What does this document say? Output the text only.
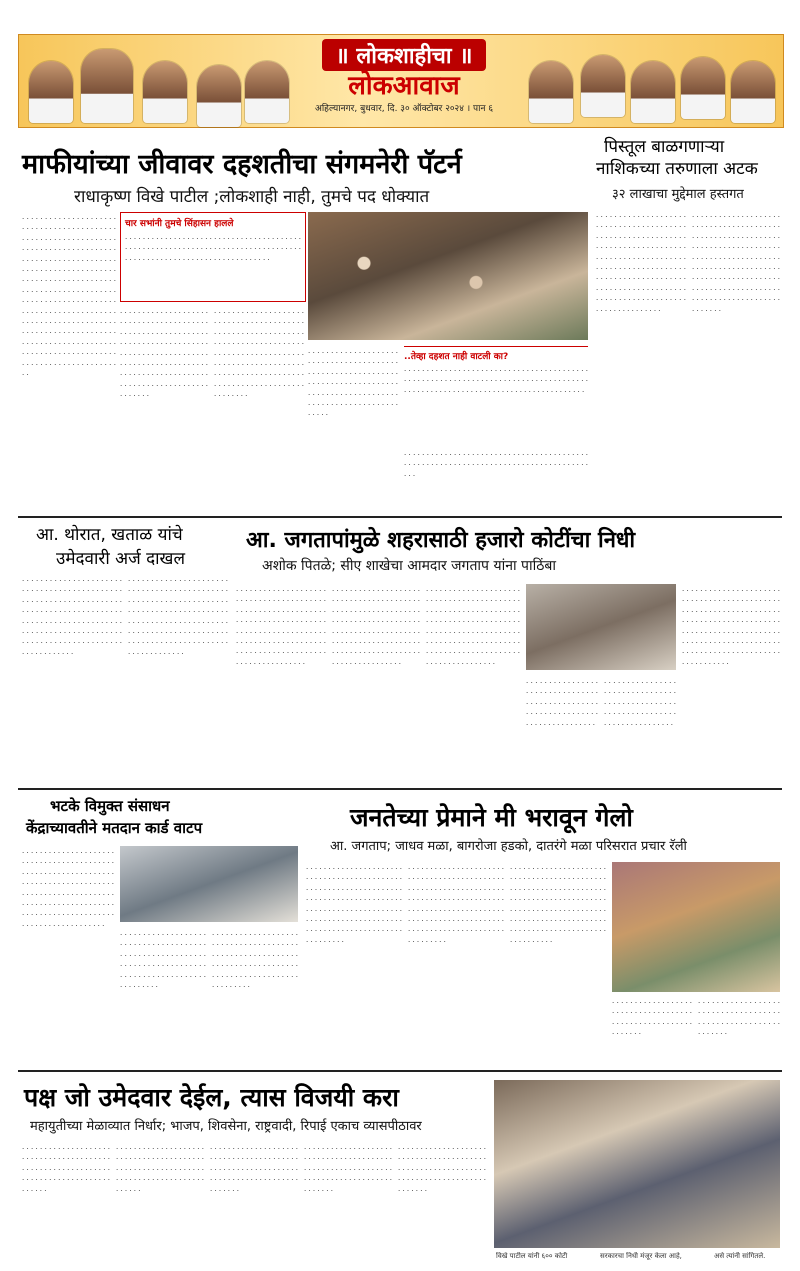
॥ लोकशाहीचा ॥
लोकआवाज
अहिल्यानगर, बुधवार, दि. ३० ऑक्टोबर २०२४ । पान ६
माफीयांच्या जीवावर दहशतीचा संगमनेरी पॅटर्न
राधाकृष्ण विखे पाटील ;लोकशाही नाही, तुमचे पद धोक्यात
. . . . . . . . . . . . . . . . . . . . . . . . . . . . . . . . . . . . . . . . . . . . . . . . . . . . . . . . . . . . . . . . . . . . . . . . . . . . . . . . . . . . . . . . . . . . . . . . . . . . . . . . . . . . . . . . . . . . . . . . . . . . . . . . . . . . . . . . . . . . . . . . . . . . . . . . . . . . . . . . . . . . . . . . . . . . . . . . . . . . . . . . . . . . . . . . . . . . . . . . . . . . . . . . . . . . . . . . . . . . . . . . . . . . . . . . . . . . . . . . . . . . . . . . . . . . . . . . . . . . . . . . . . . . . . . . . . . . . . . . . . . . . . . . . . . . . . . . . . . . . . . . . . . . . . . . . . . . .
चार सभांनी तुमचे सिंहासन हालले
. . . . . . . . . . . . . . . . . . . . . . . . . . . . . . . . . . . . . . . . . . . . . . . . . . . . . . . . . . . . . . . . . . . . . . . . . . . . . . . . . . . . . . . . . . . . . . . . . . . . . . . . . . . . . . . . .
. . . . . . . . . . . . . . . . . . . . . . . . . . . . . . . . . . . . . . . . . . . . . . . . . . . . . . . . . . . . . . . . . . . . . . . . . . . . . . . . . . . . . . . . . . . . . . . . . . . . . . . . . . . . . . . . . . . . . . . . . . . . . . . . . . . . . . . . . . . . . . . . . . . . . . . . . . . . . . . . . . . . . . .
. . . . . . . . . . . . . . . . . . . . . . . . . . . . . . . . . . . . . . . . . . . . . . . . . . . . . . . . . . . . . . . . . . . . . . . . . . . . . . . . . . . . . . . . . . . . . . . . . . . . . . . . . . . . . . . . . . . . . . . . . . . . . . . . . . . . . . . . . . . . . . . . . . . . . . . . . . . . . . . . . . . . . . . .
. . . . . . . . . . . . . . . . . . . . . . . . . . . . . . . . . . . . . . . . . . . . . . . . . . . . . . . . . . . . . . . . . . . . . . . . . . . . . . . . . . . . . . . . . . . . . . . . . . . . . . . . . . . . . . . . . . . . . . . . . . . . .
..तेव्हा दहशत नाही वाटली का?
. . . . . . . . . . . . . . . . . . . . . . . . . . . . . . . . . . . . . . . . . . . . . . . . . . . . . . . . . . . . . . . . . . . . . . . . . . . . . . . . . . . . . . . . . . . . . . . . . . . . . . . . . . . . . . . . . . . . . . . . . . .
. . . . . . . . . . . . . . . . . . . . . . . . . . . . . . . . . . . . . . . . . . . . . . . . . . . . . . . . . . . . . . . . . . . . . . . . . . . . . . . . . . . . .
पिस्तूल बाळगणाऱ्या
नाशिकच्या तरुणाला अटक
३२ लाखाचा मुद्देमाल हस्तगत
. . . . . . . . . . . . . . . . . . . . . . . . . . . . . . . . . . . . . . . . . . . . . . . . . . . . . . . . . . . . . . . . . . . . . . . . . . . . . . . . . . . . . . . . . . . . . . . . . . . . . . . . . . . . . . . . . . . . . . . . . . . . . . . . . . . . . . . . . . . . . . . . . . . . . . . . . . . . . . . . . . . . . . . . . . . . . . . . . . . . . . . . . . . . . . . . . . .
. . . . . . . . . . . . . . . . . . . . . . . . . . . . . . . . . . . . . . . . . . . . . . . . . . . . . . . . . . . . . . . . . . . . . . . . . . . . . . . . . . . . . . . . . . . . . . . . . . . . . . . . . . . . . . . . . . . . . . . . . . . . . . . . . . . . . . . . . . . . . . . . . . . . . . . . . . . . . . . . . . . . . . . . . . . . . . . . . . . . . . . . . . .
आ. थोरात, खताळ यांचे
उमेदवारी अर्ज दाखल
. . . . . . . . . . . . . . . . . . . . . . . . . . . . . . . . . . . . . . . . . . . . . . . . . . . . . . . . . . . . . . . . . . . . . . . . . . . . . . . . . . . . . . . . . . . . . . . . . . . . . . . . . . . . . . . . . . . . . . . . . . . . . . . . . . . . . . . . . . . . . . . . . . . . . . . . . . . . . . . . . . . . . .
. . . . . . . . . . . . . . . . . . . . . . . . . . . . . . . . . . . . . . . . . . . . . . . . . . . . . . . . . . . . . . . . . . . . . . . . . . . . . . . . . . . . . . . . . . . . . . . . . . . . . . . . . . . . . . . . . . . . . . . . . . . . . . . . . . . . . . . . . . . . . . . . . . . . . . . . . . . . . . . . . . . . . . .
आ. जगतापांमुळे शहरासाठी हजारो कोटींचा निधी
अशोक पितळे; सीए शाखेचा आमदार जगताप यांना पाठिंबा
. . . . . . . . . . . . . . . . . . . . . . . . . . . . . . . . . . . . . . . . . . . . . . . . . . . . . . . . . . . . . . . . . . . . . . . . . . . . . . . . . . . . . . . . . . . . . . . . . . . . . . . . . . . . . . . . . . . . . . . . . . . . . . . . . . . . . . . . . . . . . . . . . . . . . . . . . . . .
. . . . . . . . . . . . . . . . . . . . . . . . . . . . . . . . . . . . . . . . . . . . . . . . . . . . . . . . . . . . . . . . . . . . . . . . . . . . . . . . . . . . . . . . . . . . . . . . . . . . . . . . . . . . . . . . . . . . . . . . . . . . . . . . . . . . . . . . . . . . . . . . . . . . . . . . . . . .
. . . . . . . . . . . . . . . . . . . . . . . . . . . . . . . . . . . . . . . . . . . . . . . . . . . . . . . . . . . . . . . . . . . . . . . . . . . . . . . . . . . . . . . . . . . . . . . . . . . . . . . . . . . . . . . . . . . . . . . . . . . . . . . . . . . . . . . . . . . . . . . . . . . . . . . . . . . . . . . . . . .
. . . . . . . . . . . . . . . . . . . . . . . . . . . . . . . . . . . . . . . . . . . . . . . . . . . . . . . . . . . . . . . . . . . . . . . . . . . . . . . .
. . . . . . . . . . . . . . . . . . . . . . . . . . . . . . . . . . . . . . . . . . . . . . . . . . . . . . . . . . . . . . . . . . . . . . . . . . . . . . . .
. . . . . . . . . . . . . . . . . . . . . . . . . . . . . . . . . . . . . . . . . . . . . . . . . . . . . . . . . . . . . . . . . . . . . . . . . . . . . . . . . . . . . . . . . . . . . . . . . . . . . . . . . . . . . . . . . . . . . . . . . . . . . . . . . . . . . . . . . . . . . . . . . . . . . . . . . . . . . . . . . . . . .
भटके विमुक्त संसाधन
केंद्राच्यावतीने मतदान कार्ड वाटप
. . . . . . . . . . . . . . . . . . . . . . . . . . . . . . . . . . . . . . . . . . . . . . . . . . . . . . . . . . . . . . . . . . . . . . . . . . . . . . . . . . . . . . . . . . . . . . . . . . . . . . . . . . . . . . . . . . . . . . . . . . . . . . . . . . . . . . . . . . . . . . . . . . . . . . . . . . . . . . . . . . . . . .
. . . . . . . . . . . . . . . . . . . . . . . . . . . . . . . . . . . . . . . . . . . . . . . . . . . . . . . . . . . . . . . . . . . . . . . . . . . . . . . . . . . . . . . . . . . . . . . . . . . . . . . .
. . . . . . . . . . . . . . . . . . . . . . . . . . . . . . . . . . . . . . . . . . . . . . . . . . . . . . . . . . . . . . . . . . . . . . . . . . . . . . . . . . . . . . . . . . . . . . . . . . . . . . . .
जनतेच्या प्रेमाने मी भरावून गेलो
आ. जगताप; जाधव मळा, बागरोजा हडको, दातरंगे मळा परिसरात प्रचार रॅली
. . . . . . . . . . . . . . . . . . . . . . . . . . . . . . . . . . . . . . . . . . . . . . . . . . . . . . . . . . . . . . . . . . . . . . . . . . . . . . . . . . . . . . . . . . . . . . . . . . . . . . . . . . . . . . . . . . . . . . . . . . . . . . . . . . . . . . . . . . . . . . . . . . . . . . . . . . . . . . . . . . .
. . . . . . . . . . . . . . . . . . . . . . . . . . . . . . . . . . . . . . . . . . . . . . . . . . . . . . . . . . . . . . . . . . . . . . . . . . . . . . . . . . . . . . . . . . . . . . . . . . . . . . . . . . . . . . . . . . . . . . . . . . . . . . . . . . . . . . . . . . . . . . . . . . . . . . . . . . . . . . . . . . .
. . . . . . . . . . . . . . . . . . . . . . . . . . . . . . . . . . . . . . . . . . . . . . . . . . . . . . . . . . . . . . . . . . . . . . . . . . . . . . . . . . . . . . . . . . . . . . . . . . . . . . . . . . . . . . . . . . . . . . . . . . . . . . . . . . . . . . . . . . . . . . . . . . . . . . . . . . . . . . . . . . . .
. . . . . . . . . . . . . . . . . . . . . . . . . . . . . . . . . . . . . . . . . . . . . . . . . . . . . . . . . . . . .
. . . . . . . . . . . . . . . . . . . . . . . . . . . . . . . . . . . . . . . . . . . . . . . . . . . . . . . . . . . . .
पक्ष जो उमेदवार देईल, त्यास विजयी करा
महायुतीच्या मेळाव्यात निर्धार; भाजप, शिवसेना, राष्ट्रवादी, रिपाई एकाच व्यासपीठावर
. . . . . . . . . . . . . . . . . . . . . . . . . . . . . . . . . . . . . . . . . . . . . . . . . . . . . . . . . . . . . . . . . . . . . . . . . . . . . . . . . . . . . .
. . . . . . . . . . . . . . . . . . . . . . . . . . . . . . . . . . . . . . . . . . . . . . . . . . . . . . . . . . . . . . . . . . . . . . . . . . . . . . . . . . . . . .
. . . . . . . . . . . . . . . . . . . . . . . . . . . . . . . . . . . . . . . . . . . . . . . . . . . . . . . . . . . . . . . . . . . . . . . . . . . . . . . . . . . . . . .
. . . . . . . . . . . . . . . . . . . . . . . . . . . . . . . . . . . . . . . . . . . . . . . . . . . . . . . . . . . . . . . . . . . . . . . . . . . . . . . . . . . . . . .
. . . . . . . . . . . . . . . . . . . . . . . . . . . . . . . . . . . . . . . . . . . . . . . . . . . . . . . . . . . . . . . . . . . . . . . . . . . . . . . . . . . . . . .
विखे पाटील यांनी ६०० कोटी	सरकारचा निधी मंजूर केला आहे,	असे त्यांनी सांगितले.
